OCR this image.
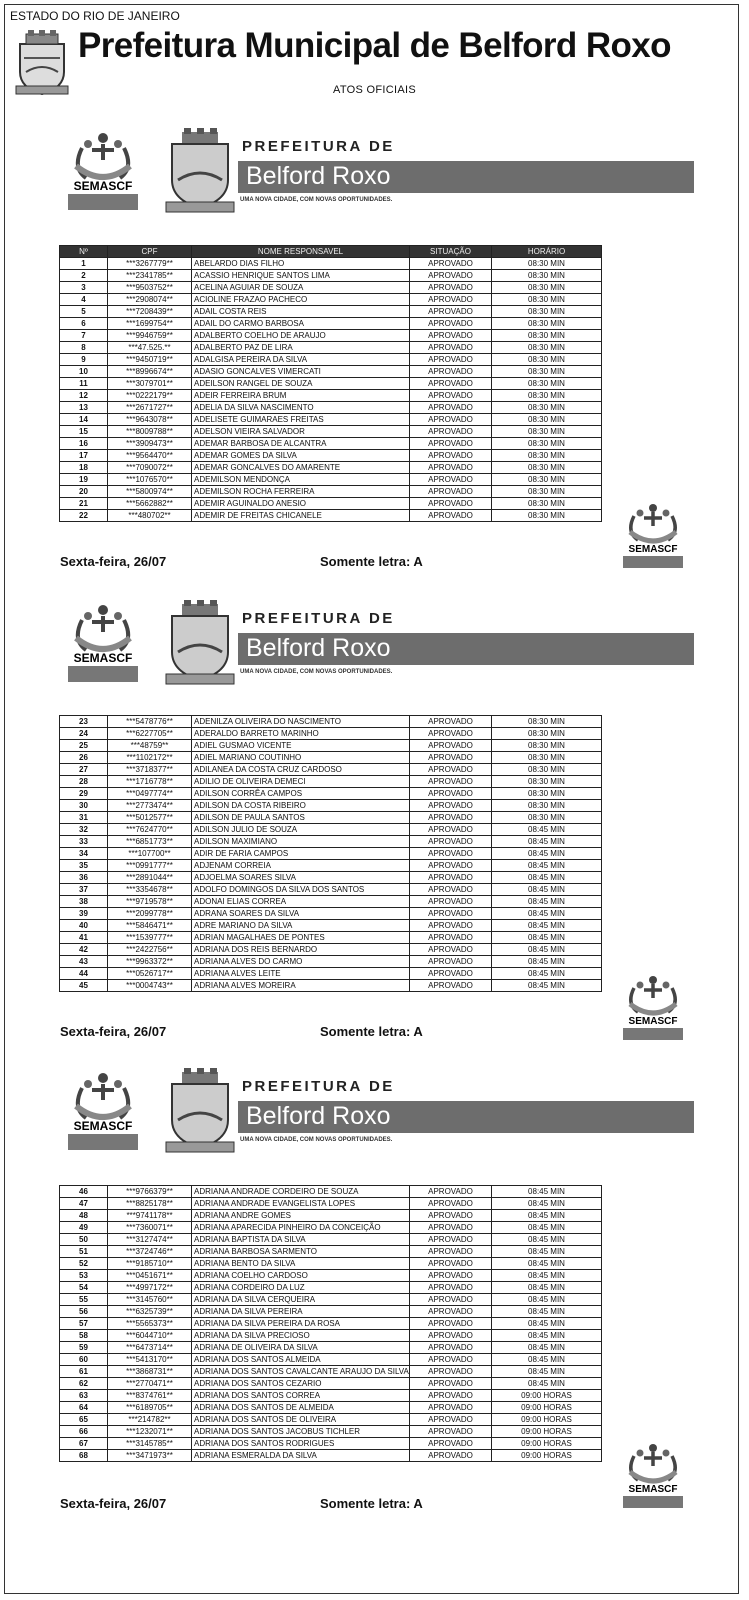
ESTADO DO RIO DE JANEIRO
Prefeitura Municipal de Belford Roxo
ATOS OFICIAIS
SEMASCF
PREFEITURA DE
Belford Roxo
UMA NOVA CIDADE, COM NOVAS OPORTUNIDADES.
Nº	CPF	NOME RESPONSAVEL	SITUAÇÃO	HORÁRIO
1	***3267779**	ABELARDO DIAS FILHO	APROVADO	08:30 MIN
2	***2341785**	ACASSIO HENRIQUE SANTOS LIMA	APROVADO	08:30 MIN
3	***9503752**	ACELINA AGUIAR DE SOUZA	APROVADO	08:30 MIN
4	***2908074**	ACIOLINE FRAZAO PACHECO	APROVADO	08:30 MIN
5	***7208439**	ADAIL COSTA REIS	APROVADO	08:30 MIN
6	***1699754**	ADAIL DO CARMO BARBOSA	APROVADO	08:30 MIN
7	***9946759**	ADALBERTO COELHO DE ARAUJO	APROVADO	08:30 MIN
8	***47.525.**	ADALBERTO PAZ DE LIRA	APROVADO	08:30 MIN
9	***9450719**	ADALGISA PEREIRA DA SILVA	APROVADO	08:30 MIN
10	***8996674**	ADASIO GONCALVES VIMERCATI	APROVADO	08:30 MIN
11	***3079701**	ADEILSON RANGEL DE SOUZA	APROVADO	08:30 MIN
12	***0222179**	ADEIR FERREIRA BRUM	APROVADO	08:30 MIN
13	***2671727**	ADELIA DA SILVA NASCIMENTO	APROVADO	08:30 MIN
14	***9643078**	ADELISETE GUIMARAES FREITAS	APROVADO	08:30 MIN
15	***8009788**	ADELSON VIEIRA SALVADOR	APROVADO	08:30 MIN
16	***3909473**	ADEMAR BARBOSA DE ALCANTRA	APROVADO	08:30 MIN
17	***9564470**	ADEMAR GOMES DA SILVA	APROVADO	08:30 MIN
18	***7090072**	ADEMAR GONCALVES DO AMARENTE	APROVADO	08:30 MIN
19	***1076570**	ADEMILSON MENDONÇA	APROVADO	08:30 MIN
20	***5800974**	ADEMILSON ROCHA FERREIRA	APROVADO	08:30 MIN
21	***5662882**	ADEMIR AGUINALDO ANESIO	APROVADO	08:30 MIN
22	***480702**	ADEMIR DE FREITAS CHICANELE	APROVADO	08:30 MIN
SEMASCF
Sexta-feira, 26/07	Somente letra: A
SEMASCF
PREFEITURA DE
Belford Roxo
UMA NOVA CIDADE, COM NOVAS OPORTUNIDADES.
23	***5478776**	ADENILZA OLIVEIRA DO NASCIMENTO	APROVADO	08:30 MIN
24	***6227705**	ADERALDO BARRETO MARINHO	APROVADO	08:30 MIN
25	***48759**	ADIEL GUSMAO VICENTE	APROVADO	08:30 MIN
26	***1102172**	ADIEL MARIANO COUTINHO	APROVADO	08:30 MIN
27	***3718377**	ADILANEA DA COSTA CRUZ CARDOSO	APROVADO	08:30 MIN
28	***1716778**	ADILIO DE OLIVEIRA DEMECI	APROVADO	08:30 MIN
29	***0497774**	ADILSON CORRÊA CAMPOS	APROVADO	08:30 MIN
30	***2773474**	ADILSON DA COSTA RIBEIRO	APROVADO	08:30 MIN
31	***5012577**	ADILSON DE PAULA SANTOS	APROVADO	08:30 MIN
32	***7624770**	ADILSON JULIO DE SOUZA	APROVADO	08:45 MIN
33	***6851773**	ADILSON MAXIMIANO	APROVADO	08:45 MIN
34	***107700**	ADIR DE FARIA CAMPOS	APROVADO	08:45 MIN
35	***0991777**	ADJENAM CORREIA	APROVADO	08:45 MIN
36	***2891044**	ADJOELMA SOARES SILVA	APROVADO	08:45 MIN
37	***3354678**	ADOLFO DOMINGOS DA SILVA DOS SANTOS	APROVADO	08:45 MIN
38	***9719578**	ADONAI ELIAS CORREA	APROVADO	08:45 MIN
39	***2099778**	ADRANA SOARES DA SILVA	APROVADO	08:45 MIN
40	***5846471**	ADRE MARIANO DA SILVA	APROVADO	08:45 MIN
41	***1539777**	ADRIAN MAGALHAES DE PONTES	APROVADO	08:45 MIN
42	***2422756**	ADRIANA DOS REIS BERNARDO	APROVADO	08:45 MIN
43	***9963372**	ADRIANA ALVES DO CARMO	APROVADO	08:45 MIN
44	***0526717**	ADRIANA ALVES LEITE	APROVADO	08:45 MIN
45	***0004743**	ADRIANA ALVES MOREIRA	APROVADO	08:45 MIN
SEMASCF
Sexta-feira, 26/07	Somente letra: A
SEMASCF
PREFEITURA DE
Belford Roxo
UMA NOVA CIDADE, COM NOVAS OPORTUNIDADES.
46	***9766379**	ADRIANA ANDRADE CORDEIRO DE SOUZA	APROVADO	08:45 MIN
47	***8825178**	ADRIANA ANDRADE EVANGELISTA LOPES	APROVADO	08:45 MIN
48	***9741178**	ADRIANA ANDRE GOMES	APROVADO	08:45 MIN
49	***7360071**	ADRIANA APARECIDA PINHEIRO DA CONCEIÇÃO	APROVADO	08:45 MIN
50	***3127474**	ADRIANA BAPTISTA DA SILVA	APROVADO	08:45 MIN
51	***3724746**	ADRIANA BARBOSA SARMENTO	APROVADO	08:45 MIN
52	***9185710**	ADRIANA BENTO DA SILVA	APROVADO	08:45 MIN
53	***0451671**	ADRIANA COELHO CARDOSO	APROVADO	08:45 MIN
54	***4997172**	ADRIANA CORDEIRO DA LUZ	APROVADO	08:45 MIN
55	***3145760**	ADRIANA DA SILVA CERQUEIRA	APROVADO	08:45 MIN
56	***6325739**	ADRIANA DA SILVA PEREIRA	APROVADO	08:45 MIN
57	***5565373**	ADRIANA DA SILVA PEREIRA DA ROSA	APROVADO	08:45 MIN
58	***6044710**	ADRIANA DA SILVA PRECIOSO	APROVADO	08:45 MIN
59	***6473714**	ADRIANA DE OLIVEIRA DA SILVA	APROVADO	08:45 MIN
60	***5413170**	ADRIANA DOS SANTOS ALMEIDA	APROVADO	08:45 MIN
61	***3868731**	ADRIANA DOS SANTOS CAVALCANTE ARAUJO DA SILVA	APROVADO	08:45 MIN
62	***2770471**	ADRIANA DOS SANTOS CEZARIO	APROVADO	08:45 MIN
63	***8374761**	ADRIANA DOS SANTOS CORREA	APROVADO	09:00 HORAS
64	***6189705**	ADRIANA DOS SANTOS DE ALMEIDA	APROVADO	09:00 HORAS
65	***214782**	ADRIANA DOS SANTOS DE OLIVEIRA	APROVADO	09:00 HORAS
66	***1232071**	ADRIANA DOS SANTOS JACOBUS TICHLER	APROVADO	09:00 HORAS
67	***3145785**	ADRIANA DOS SANTOS RODRIGUES	APROVADO	09:00 HORAS
68	***3471973**	ADRIANA ESMERALDA DA SILVA	APROVADO	09:00 HORAS
SEMASCF
Sexta-feira, 26/07	Somente letra: A
